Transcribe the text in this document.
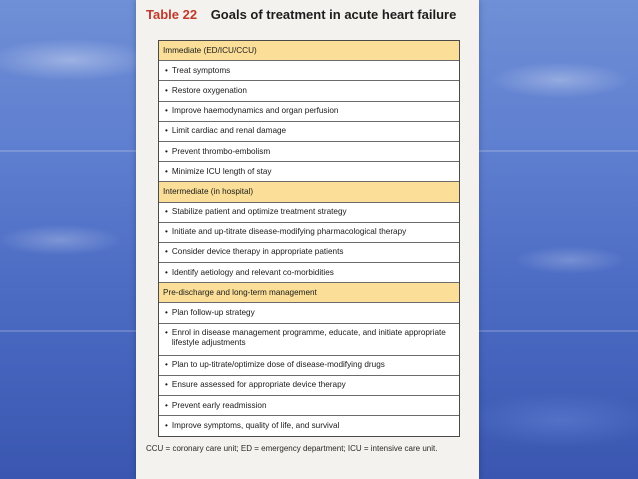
Table 22 Goals of treatment in acute heart failure
Immediate (ED/ICU/CCU)
• Treat symptoms
• Restore oxygenation
• Improve haemodynamics and organ perfusion
• Limit cardiac and renal damage
• Prevent thrombo-embolism
• Minimize ICU length of stay
Intermediate (in hospital)
• Stabilize patient and optimize treatment strategy
• Initiate and up-titrate disease-modifying pharmacological therapy
• Consider device therapy in appropriate patients
• Identify aetiology and relevant co-morbidities
Pre-discharge and long-term management
• Plan follow-up strategy
• Enrol in disease management programme, educate, and initiate appropriate lifestyle adjustments
• Plan to up-titrate/optimize dose of disease-modifying drugs
• Ensure assessed for appropriate device therapy
• Prevent early readmission
• Improve symptoms, quality of life, and survival
CCU = coronary care unit; ED = emergency department; ICU = intensive care unit.
